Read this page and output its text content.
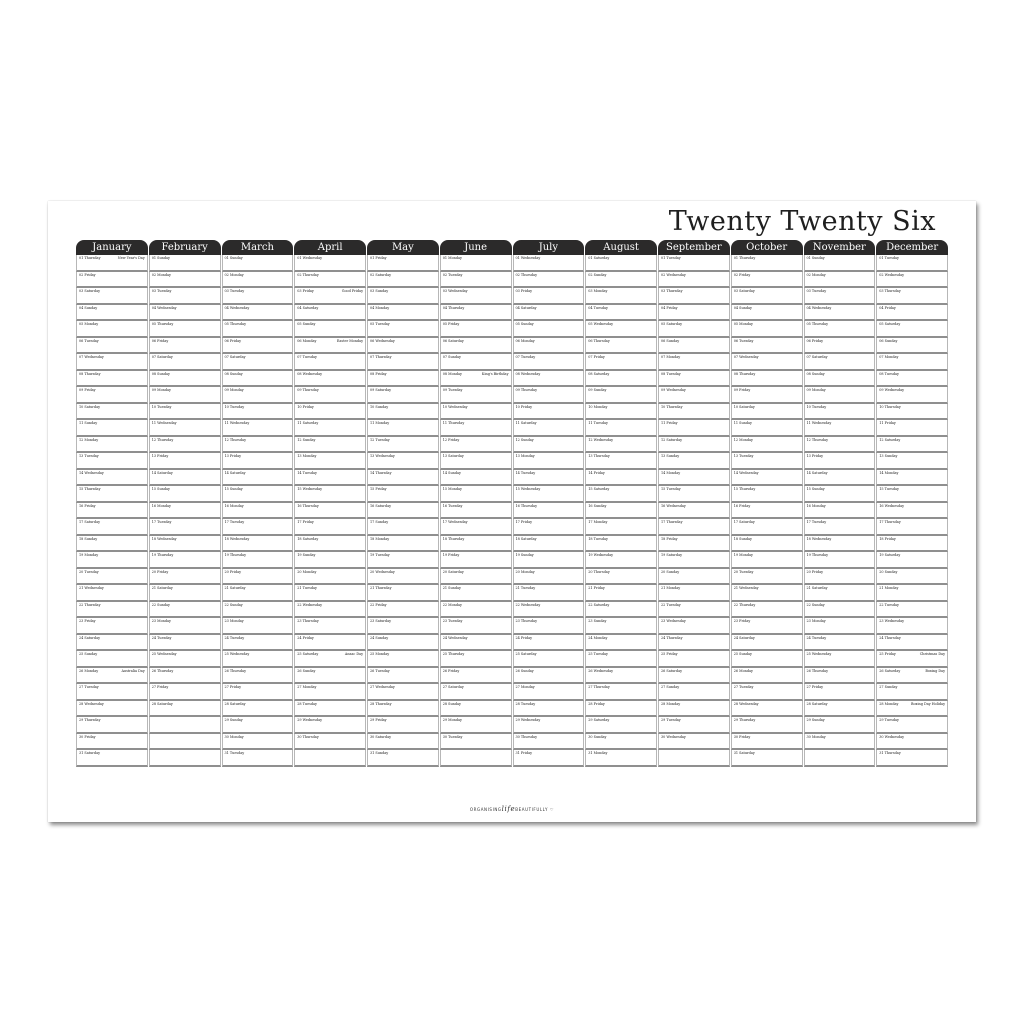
Twenty Twenty Six
January
01 Thursday	New Year's Day
02 Friday
03 Saturday
04 Sunday
05 Monday
06 Tuesday
07 Wednesday
08 Thursday
09 Friday
10 Saturday
11 Sunday
12 Monday
13 Tuesday
14 Wednesday
15 Thursday
16 Friday
17 Saturday
18 Sunday
19 Monday
20 Tuesday
21 Wednesday
22 Thursday
23 Friday
24 Saturday
25 Sunday
26 Monday	Australia Day
27 Tuesday
28 Wednesday
29 Thursday
30 Friday
31 Saturday
February
01 Sunday
02 Monday
03 Tuesday
04 Wednesday
05 Thursday
06 Friday
07 Saturday
08 Sunday
09 Monday
10 Tuesday
11 Wednesday
12 Thursday
13 Friday
14 Saturday
15 Sunday
16 Monday
17 Tuesday
18 Wednesday
19 Thursday
20 Friday
21 Saturday
22 Sunday
23 Monday
24 Tuesday
25 Wednesday
26 Thursday
27 Friday
28 Saturday
March
01 Sunday
02 Monday
03 Tuesday
04 Wednesday
05 Thursday
06 Friday
07 Saturday
08 Sunday
09 Monday
10 Tuesday
11 Wednesday
12 Thursday
13 Friday
14 Saturday
15 Sunday
16 Monday
17 Tuesday
18 Wednesday
19 Thursday
20 Friday
21 Saturday
22 Sunday
23 Monday
24 Tuesday
25 Wednesday
26 Thursday
27 Friday
28 Saturday
29 Sunday
30 Monday
31 Tuesday
April
01 Wednesday
02 Thursday
03 Friday	Good Friday
04 Saturday
05 Sunday
06 Monday	Easter Monday
07 Tuesday
08 Wednesday
09 Thursday
10 Friday
11 Saturday
12 Sunday
13 Monday
14 Tuesday
15 Wednesday
16 Thursday
17 Friday
18 Saturday
19 Sunday
20 Monday
21 Tuesday
22 Wednesday
23 Thursday
24 Friday
25 Saturday	Anzac Day
26 Sunday
27 Monday
28 Tuesday
29 Wednesday
30 Thursday
May
01 Friday
02 Saturday
03 Sunday
04 Monday
05 Tuesday
06 Wednesday
07 Thursday
08 Friday
09 Saturday
10 Sunday
11 Monday
12 Tuesday
13 Wednesday
14 Thursday
15 Friday
16 Saturday
17 Sunday
18 Monday
19 Tuesday
20 Wednesday
21 Thursday
22 Friday
23 Saturday
24 Sunday
25 Monday
26 Tuesday
27 Wednesday
28 Thursday
29 Friday
30 Saturday
31 Sunday
June
01 Monday
02 Tuesday
03 Wednesday
04 Thursday
05 Friday
06 Saturday
07 Sunday
08 Monday	King's Birthday
09 Tuesday
10 Wednesday
11 Thursday
12 Friday
13 Saturday
14 Sunday
15 Monday
16 Tuesday
17 Wednesday
18 Thursday
19 Friday
20 Saturday
21 Sunday
22 Monday
23 Tuesday
24 Wednesday
25 Thursday
26 Friday
27 Saturday
28 Sunday
29 Monday
30 Tuesday
July
01 Wednesday
02 Thursday
03 Friday
04 Saturday
05 Sunday
06 Monday
07 Tuesday
08 Wednesday
09 Thursday
10 Friday
11 Saturday
12 Sunday
13 Monday
14 Tuesday
15 Wednesday
16 Thursday
17 Friday
18 Saturday
19 Sunday
20 Monday
21 Tuesday
22 Wednesday
23 Thursday
24 Friday
25 Saturday
26 Sunday
27 Monday
28 Tuesday
29 Wednesday
30 Thursday
31 Friday
August
01 Saturday
02 Sunday
03 Monday
04 Tuesday
05 Wednesday
06 Thursday
07 Friday
08 Saturday
09 Sunday
10 Monday
11 Tuesday
12 Wednesday
13 Thursday
14 Friday
15 Saturday
16 Sunday
17 Monday
18 Tuesday
19 Wednesday
20 Thursday
21 Friday
22 Saturday
23 Sunday
24 Monday
25 Tuesday
26 Wednesday
27 Thursday
28 Friday
29 Saturday
30 Sunday
31 Monday
September
01 Tuesday
02 Wednesday
03 Thursday
04 Friday
05 Saturday
06 Sunday
07 Monday
08 Tuesday
09 Wednesday
10 Thursday
11 Friday
12 Saturday
13 Sunday
14 Monday
15 Tuesday
16 Wednesday
17 Thursday
18 Friday
19 Saturday
20 Sunday
21 Monday
22 Tuesday
23 Wednesday
24 Thursday
25 Friday
26 Saturday
27 Sunday
28 Monday
29 Tuesday
30 Wednesday
October
01 Thursday
02 Friday
03 Saturday
04 Sunday
05 Monday
06 Tuesday
07 Wednesday
08 Thursday
09 Friday
10 Saturday
11 Sunday
12 Monday
13 Tuesday
14 Wednesday
15 Thursday
16 Friday
17 Saturday
18 Sunday
19 Monday
20 Tuesday
21 Wednesday
22 Thursday
23 Friday
24 Saturday
25 Sunday
26 Monday
27 Tuesday
28 Wednesday
29 Thursday
30 Friday
31 Saturday
November
01 Sunday
02 Monday
03 Tuesday
04 Wednesday
05 Thursday
06 Friday
07 Saturday
08 Sunday
09 Monday
10 Tuesday
11 Wednesday
12 Thursday
13 Friday
14 Saturday
15 Sunday
16 Monday
17 Tuesday
18 Wednesday
19 Thursday
20 Friday
21 Saturday
22 Sunday
23 Monday
24 Tuesday
25 Wednesday
26 Thursday
27 Friday
28 Saturday
29 Sunday
30 Monday
December
01 Tuesday
02 Wednesday
03 Thursday
04 Friday
05 Saturday
06 Sunday
07 Monday
08 Tuesday
09 Wednesday
10 Thursday
11 Friday
12 Saturday
13 Sunday
14 Monday
15 Tuesday
16 Wednesday
17 Thursday
18 Friday
19 Saturday
20 Sunday
21 Monday
22 Tuesday
23 Wednesday
24 Thursday
25 Friday	Christmas Day
26 Saturday	Boxing Day
27 Sunday
28 Monday	Boxing Day Holiday
29 Tuesday
30 Wednesday
31 Thursday
ORGANISINGlifeBEAUTIFULLY ♡
